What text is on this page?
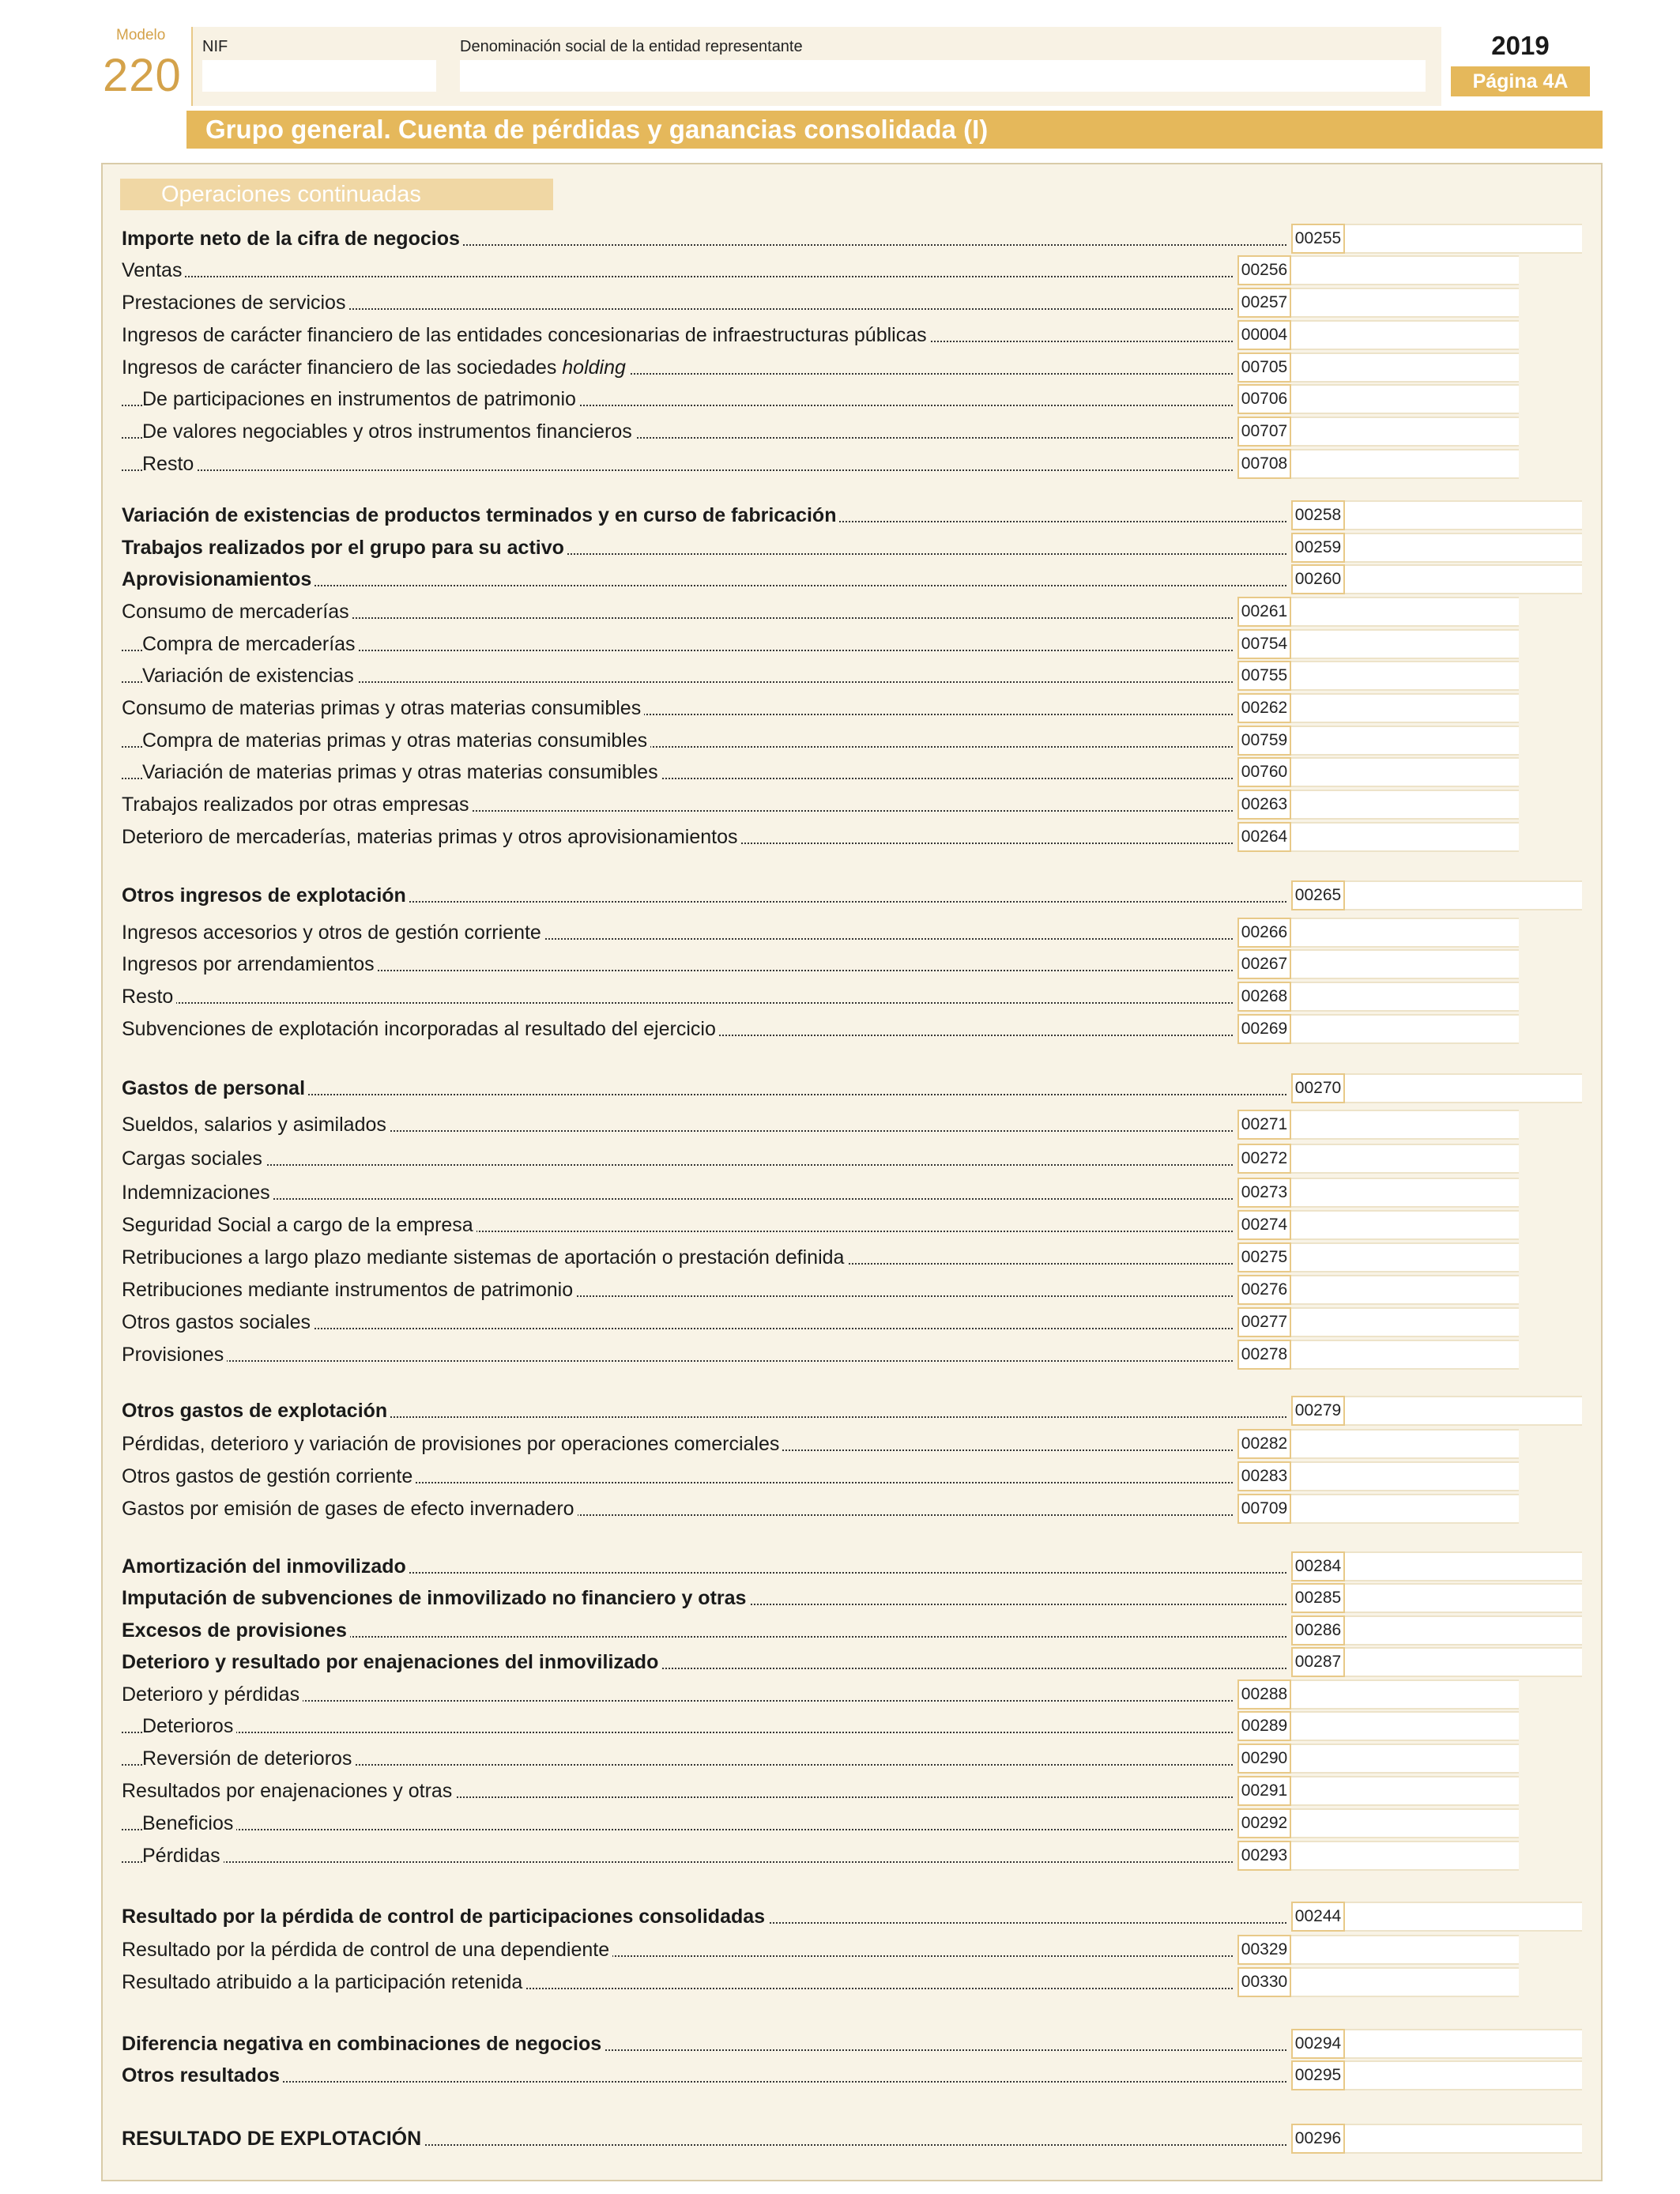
Modelo
220
NIF	Denominación social de la entidad representante	2019
Página 4A
Grupo general. Cuenta de pérdidas y ganancias consolidada (I)
Operaciones continuadas
Importe neto de la cifra de negocios	00255
Ventas	00256
Prestaciones de servicios	00257
Ingresos de carácter financiero de las entidades concesionarias de infraestructuras públicas	00004
Ingresos de carácter financiero de las sociedades holding	00705
De participaciones en instrumentos de patrimonio	00706
De valores negociables y otros instrumentos financieros	00707
Resto	00708
Variación de existencias de productos terminados y en curso de fabricación	00258
Trabajos realizados por el grupo para su activo	00259
Aprovisionamientos	00260
Consumo de mercaderías	00261
Compra de mercaderías	00754
Variación de existencias	00755
Consumo de materias primas y otras materias consumibles	00262
Compra de materias primas y otras materias consumibles	00759
Variación de materias primas y otras materias consumibles	00760
Trabajos realizados por otras empresas	00263
Deterioro de mercaderías, materias primas y otros aprovisionamientos	00264
Otros ingresos de explotación	00265
Ingresos accesorios y otros de gestión corriente	00266
Ingresos por arrendamientos	00267
Resto	00268
Subvenciones de explotación incorporadas al resultado del ejercicio	00269
Gastos de personal	00270
Sueldos, salarios y asimilados	00271
Cargas sociales	00272
Indemnizaciones	00273
Seguridad Social a cargo de la empresa	00274
Retribuciones a largo plazo mediante sistemas de aportación o prestación definida	00275
Retribuciones mediante instrumentos de patrimonio	00276
Otros gastos sociales	00277
Provisiones	00278
Otros gastos de explotación	00279
Pérdidas, deterioro y variación de provisiones por operaciones comerciales	00282
Otros gastos de gestión corriente	00283
Gastos por emisión de gases de efecto invernadero	00709
Amortización del inmovilizado	00284
Imputación de subvenciones de inmovilizado no financiero y otras	00285
Excesos de provisiones	00286
Deterioro y resultado por enajenaciones del inmovilizado	00287
Deterioro y pérdidas	00288
Deterioros	00289
Reversión de deterioros	00290
Resultados por enajenaciones y otras	00291
Beneficios	00292
Pérdidas	00293
Resultado por la pérdida de control de participaciones consolidadas	00244
Resultado por la pérdida de control de una dependiente	00329
Resultado atribuido a la participación retenida	00330
Diferencia negativa en combinaciones de negocios	00294
Otros resultados	00295
RESULTADO DE EXPLOTACIÓN	00296
